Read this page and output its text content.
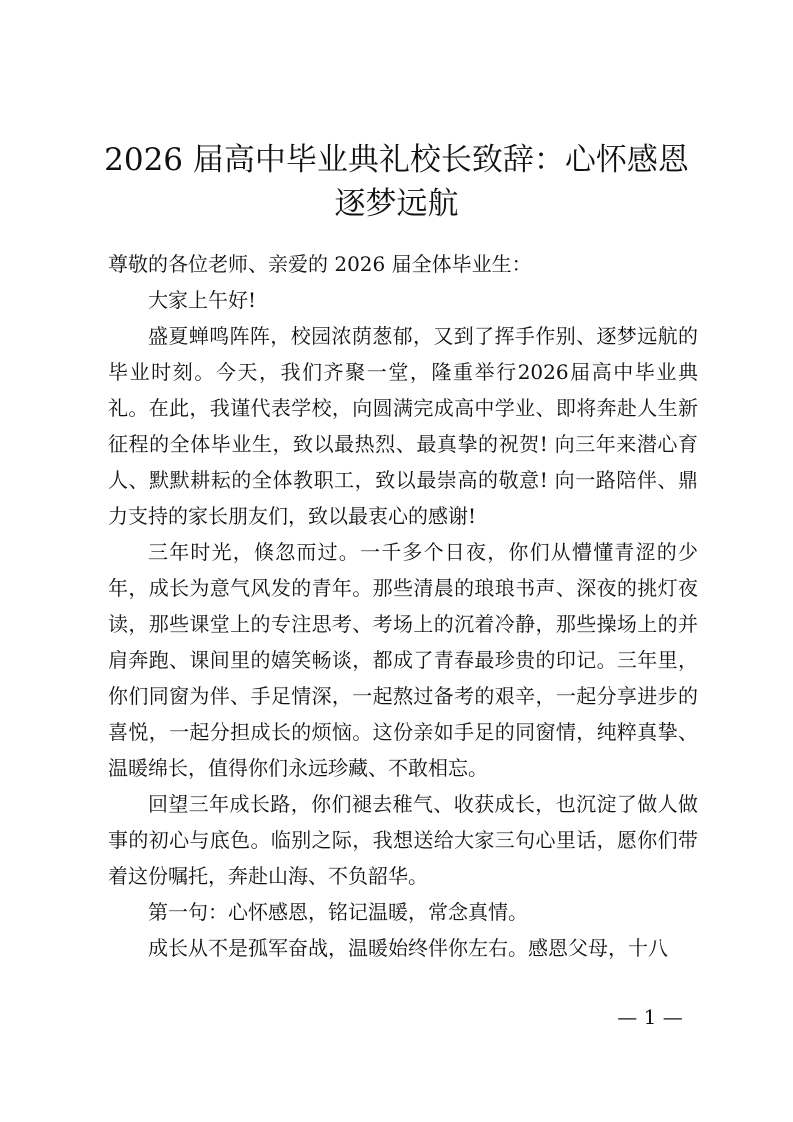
2026 届高中毕业典礼校长致辞：心怀感恩
逐梦远航

尊敬的各位老师、亲爱的 2026 届全体毕业生：

大家上午好!

盛夏蝉鸣阵阵，校园浓荫葱郁，又到了挥手作别、逐梦远航的毕业时刻。今天，我们齐聚一堂，隆重举行2026届高中毕业典礼。在此，我谨代表学校，向圆满完成高中学业、即将奔赴人生新征程的全体毕业生，致以最热烈、最真挚的祝贺! 向三年来潜心育人、默默耕耘的全体教职工，致以最崇高的敬意! 向一路陪伴、鼎力支持的家长朋友们，致以最衷心的感谢!

三年时光，倏忽而过。一千多个日夜，你们从懵懂青涩的少年，成长为意气风发的青年。那些清晨的琅琅书声、深夜的挑灯夜读，那些课堂上的专注思考、考场上的沉着冷静，那些操场上的并肩奔跑、课间里的嬉笑畅谈，都成了青春最珍贵的印记。三年里，你们同窗为伴、手足情深，一起熬过备考的艰辛，一起分享进步的喜悦，一起分担成长的烦恼。这份亲如手足的同窗情，纯粹真挚、温暖绵长，值得你们永远珍藏、不敢相忘。

回望三年成长路，你们褪去稚气、收获成长，也沉淀了做人做事的初心与底色。临别之际，我想送给大家三句心里话，愿你们带着这份嘱托，奔赴山海、不负韶华。

第一句：心怀感恩，铭记温暖，常念真情。

成长从不是孤军奋战，温暖始终伴你左右。感恩父母，十八

— 1 —
